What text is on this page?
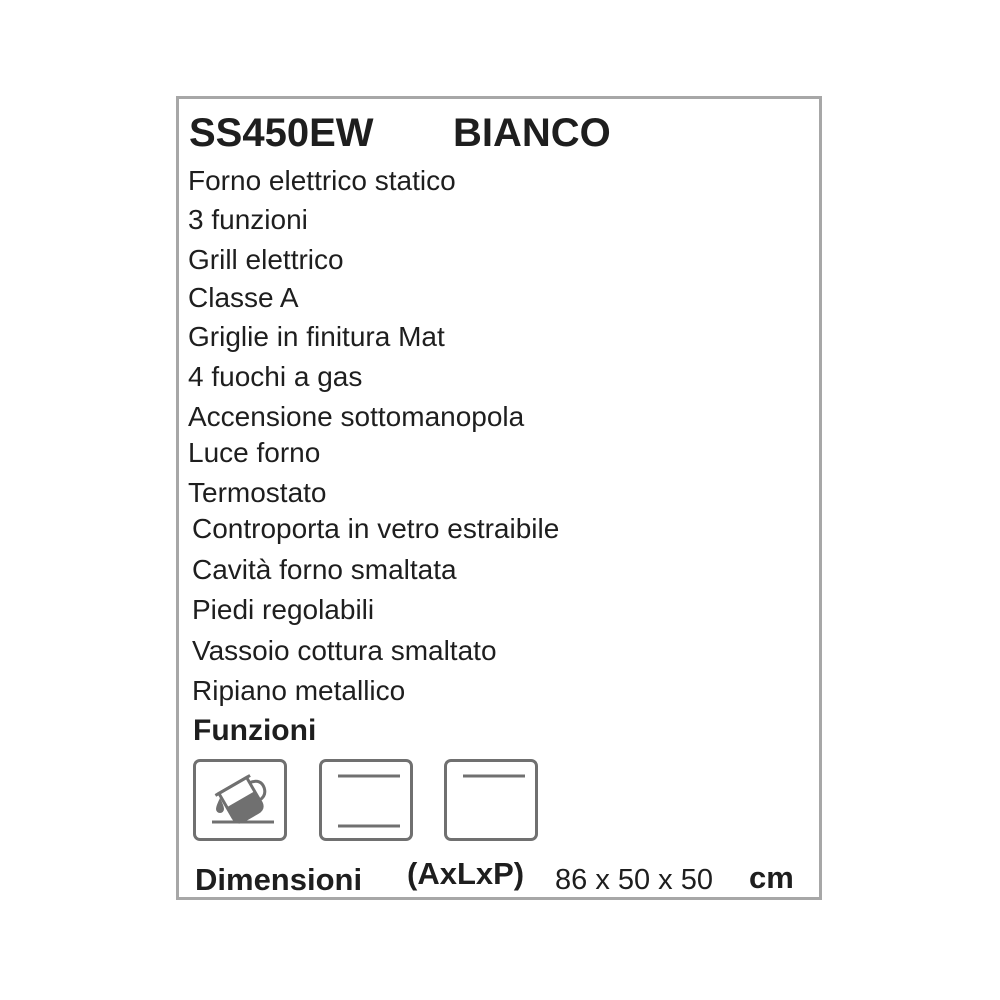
SS450EW BIANCO
Forno elettrico statico
3 funzioni
Grill elettrico
Classe A
Griglie in finitura Mat
4 fuochi a gas
Accensione sottomanopola
Luce forno
Termostato
Controporta in vetro estraibile
Cavità forno smaltata
Piedi regolabili
Vassoio cottura smaltato
Ripiano metallico
Funzioni
Dimensioni (AxLxP) 86 x 50 x 50 cm
